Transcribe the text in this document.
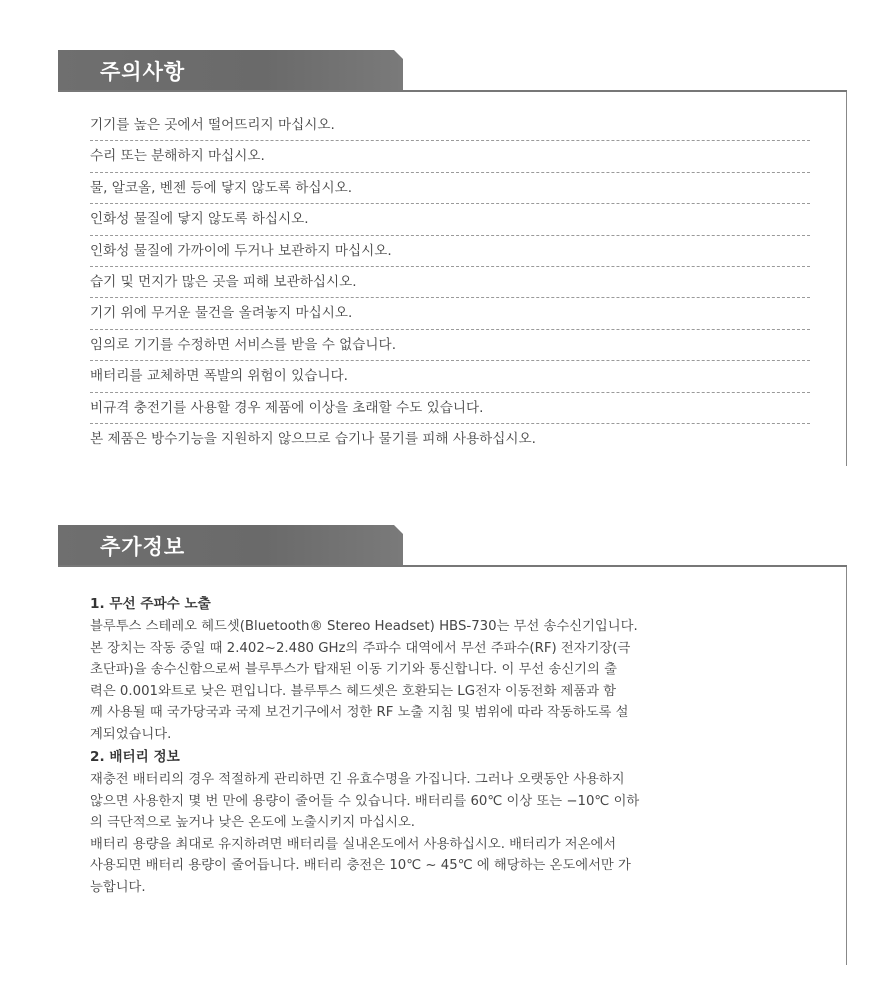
주의사항
기기를 높은 곳에서 떨어뜨리지 마십시오.
수리 또는 분해하지 마십시오.
물, 알코올, 벤젠 등에 닿지 않도록 하십시오.
인화성 물질에 닿지 않도록 하십시오.
인화성 물질에 가까이에 두거나 보관하지 마십시오.
습기 및 먼지가 많은 곳을 피해 보관하십시오.
기기 위에 무거운 물건을 올려놓지 마십시오.
임의로 기기를 수정하면 서비스를 받을 수 없습니다.
배터리를 교체하면 폭발의 위험이 있습니다.
비규격 충전기를 사용할 경우 제품에 이상을 초래할 수도 있습니다.
본 제품은 방수기능을 지원하지 않으므로 습기나 물기를 피해 사용하십시오.
추가정보

1. 무선 주파수 노출

블루투스 스테레오 헤드셋(Bluetooth® Stereo Headset) HBS-730는 무선 송수신기입니다.

본 장치는 작동 중일 때 2.402~2.480 GHz의 주파수 대역에서 무선 주파수(RF) 전자기장(극

초단파)을 송수신함으로써 블루투스가 탑재된 이동 기기와 통신합니다. 이 무선 송신기의 출

력은 0.001와트로 낮은 편입니다. 블루투스 헤드셋은 호환되는 LG전자 이동전화 제품과 함

께 사용될 때 국가당국과 국제 보건기구에서 정한 RF 노출 지침 및 범위에 따라 작동하도록 설

계되었습니다.

2. 배터리 정보

재충전 배터리의 경우 적절하게 관리하면 긴 유효수명을 가집니다. 그러나 오랫동안 사용하지

않으면 사용한지 몇 번 만에 용량이 줄어들 수 있습니다. 배터리를 60℃ 이상 또는 −10℃ 이하

의 극단적으로 높거나 낮은 온도에 노출시키지 마십시오.

배터리 용량을 최대로 유지하려면 배터리를 실내온도에서 사용하십시오. 배터리가 저온에서

사용되면 배터리 용량이 줄어듭니다. 배터리 충전은 10℃ ~ 45℃ 에 해당하는 온도에서만 가

능합니다.
